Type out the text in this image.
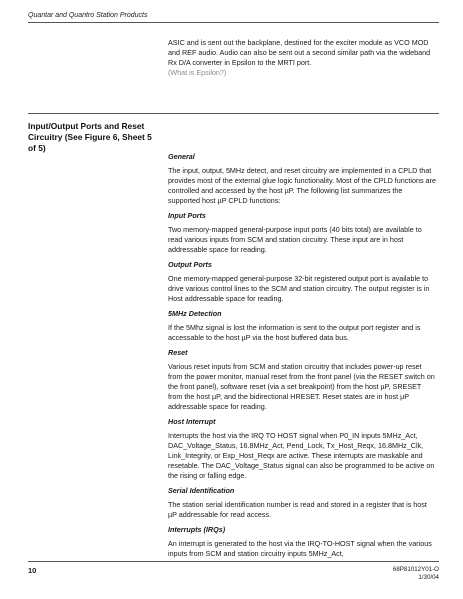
Quantar and Quantro Station Products

ASIC and is sent out the backplane, destined for the exciter module as VCO MOD and REF audio. Audio can also be sent out a second similar path via the wideband Rx D/A converter in Epsilon to the MRTI port.
(What is Epsilon?)

Input/Output Ports and Reset Circuitry (See Figure 6, Sheet 5 of 5)

General

The input, output, 5MHz detect, and reset circuitry are implemented in a CPLD that provides most of the external glue logic functionality. Most of the CPLD functions are controlled and accessed by the host µP. The following list summarizes the supported host µP CPLD functions:

Input Ports

Two memory-mapped general-purpose input ports (40 bits total) are available to read various inputs from SCM and station circuitry. These input are in host addressable space for reading.

Output Ports

One memory-mapped general-purpose 32-bit registered output port is available to drive various control lines to the SCM and station circuitry. The output register is in Host addressable space for reading.

5MHz Detection

If the 5Mhz signal is lost the information is sent to the output port register and is accessable to the host µP via the host buffered data bus.

Reset

Various reset inputs from SCM and station circuitry that includes power-up reset from the power monitor, manual reset from the front panel (via the RESET switch on the front panel), software reset (via a set breakpoint) from the host µP, SRESET from the host µP, and the bidirectional HRESET. Reset states are in host µP addressable space for reading.

Host Interrupt

Interrupts the host via the IRQ TO HOST signal when P0_IN inputs 5MHz_Act, DAC_Voltage_Status, 16.8MHz_Act, Pend_Lock, Tx_Host_Reqx, 16.8MHz_Clk, Link_Integrity, or Exp_Host_Reqx are active. These interrupts are maskable and resetable. The DAC_Voltage_Status signal can also be programmed to be active on the rising or falling edge.

Serial Identification

The station serial identification number is read and stored in a register that is host µP addressable for read access.

Interrupts (IRQs)

An interrupt is generated to the host via the IRQ-TO-HOST signal when the various inputs from SCM and station circuitry inputs 5MHz_Act,

10	68P81012Y01-O
1/30/04
